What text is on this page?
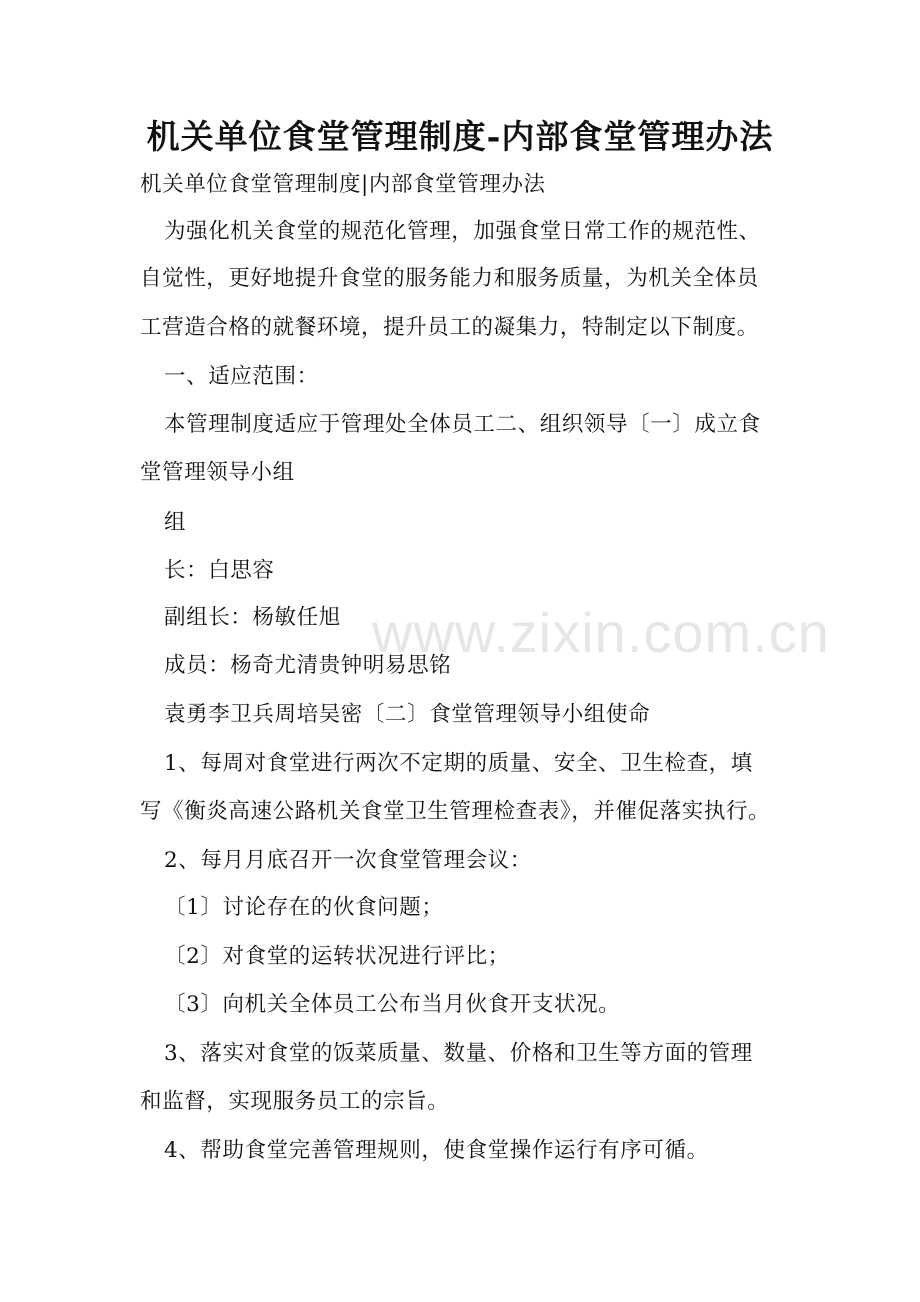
www.zixin.com.cn
机关单位食堂管理制度-内部食堂管理办法
机关单位食堂管理制度|内部食堂管理办法
为强化机关食堂的规范化管理，加强食堂日常工作的规范性、
自觉性，更好地提升食堂的服务能力和服务质量，为机关全体员
工营造合格的就餐环境，提升员工的凝集力，特制定以下制度。
一、适应范围：
本管理制度适应于管理处全体员工二、组织领导〔一〕成立食
堂管理领导小组
组
长：白思容
副组长：杨敏任旭
成员：杨奇尤清贵钟明易思铭
袁勇李卫兵周培吴密〔二〕食堂管理领导小组使命
1、每周对食堂进行两次不定期的质量、安全、卫生检查，填
写《衡炎高速公路机关食堂卫生管理检查表》，并催促落实执行。
2、每月月底召开一次食堂管理会议：
〔1〕讨论存在的伙食问题；
〔2〕对食堂的运转状况进行评比；
〔3〕向机关全体员工公布当月伙食开支状况。
3、落实对食堂的饭菜质量、数量、价格和卫生等方面的管理
和监督，实现服务员工的宗旨。
4、帮助食堂完善管理规则，使食堂操作运行有序可循。
